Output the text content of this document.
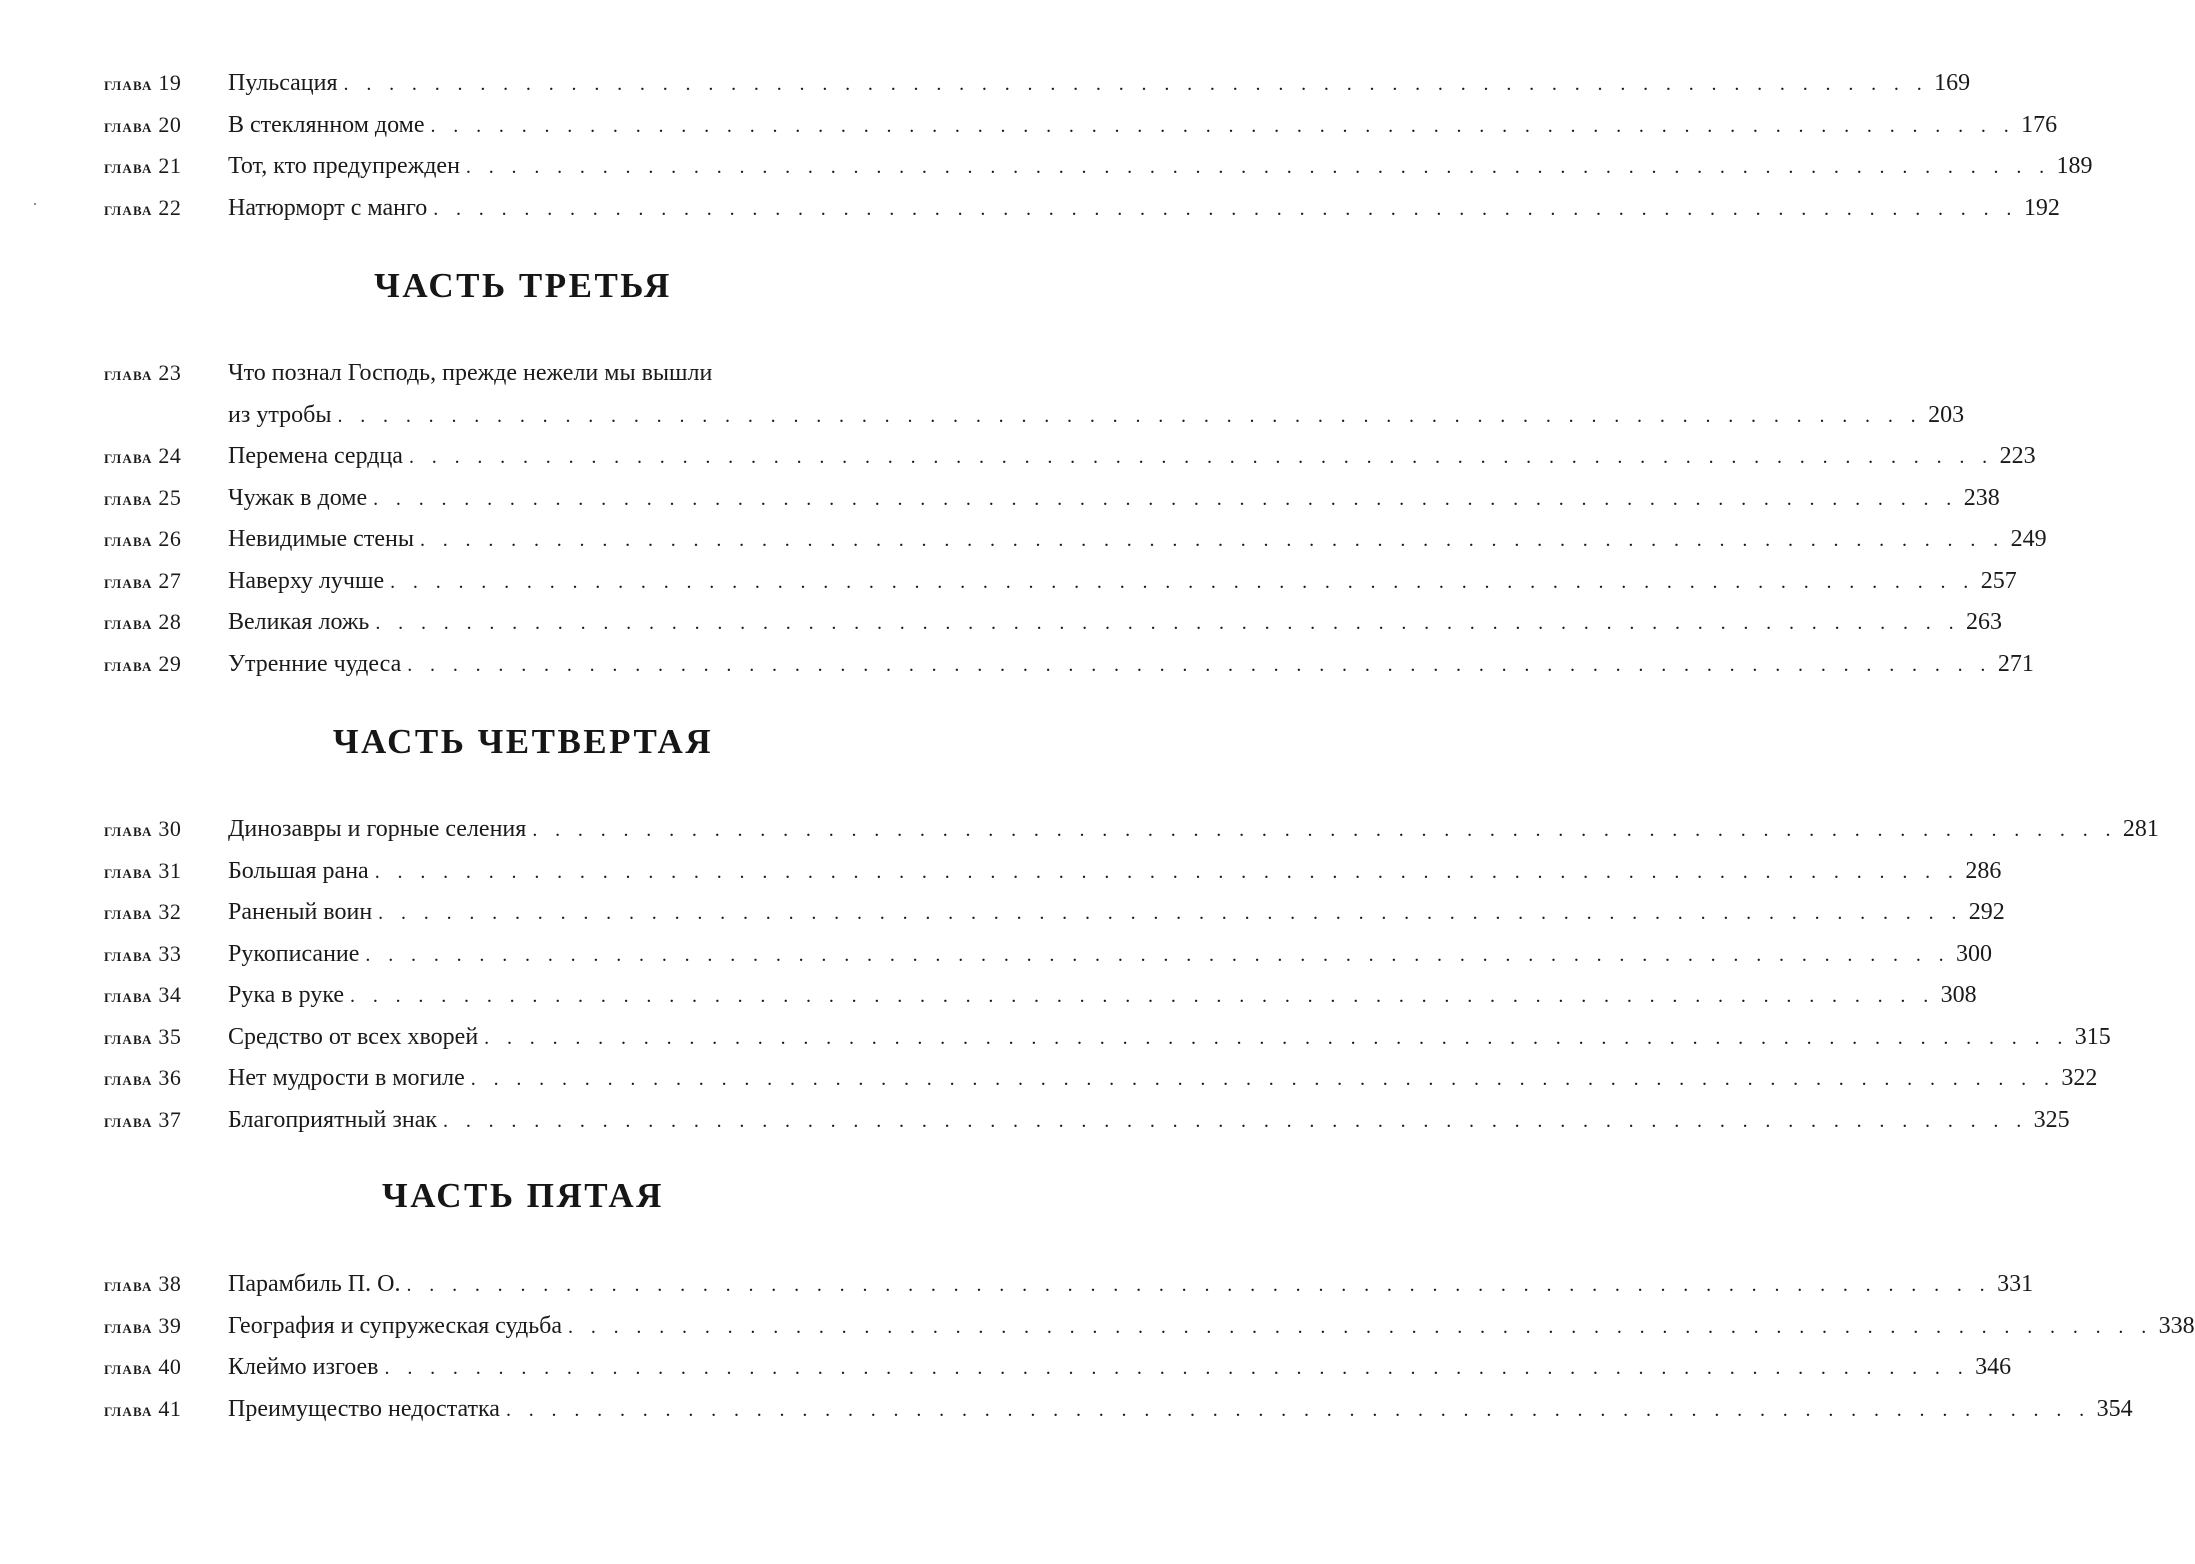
глава 19	Пульсация . . . . . . . . . . . . . . . . . . . . . . . . . . . . . . . . . . . . . . . . . . . . . . . . . . . . . . . . . . . . . . . . . . . . . . 169
глава 20	В стеклянном доме . . . . . . . . . . . . . . . . . . . . . . . . . . . . . . . . . . . . . . . . . . . . . . . . . . . . . . . . . . . . . . . . . . . . . . 176
глава 21	Тот, кто предупрежден . . . . . . . . . . . . . . . . . . . . . . . . . . . . . . . . . . . . . . . . . . . . . . . . . . . . . . . . . . . . . . . . . . . . . . 189
глава 22	Натюрморт с манго . . . . . . . . . . . . . . . . . . . . . . . . . . . . . . . . . . . . . . . . . . . . . . . . . . . . . . . . . . . . . . . . . . . . . . 192
ЧАСТЬ ТРЕТЬЯ
глава 23	Что познал Господь, прежде нежели мы вышли
из утробы . . . . . . . . . . . . . . . . . . . . . . . . . . . . . . . . . . . . . . . . . . . . . . . . . . . . . . . . . . . . . . . . . . . . . . 203
глава 24	Перемена сердца . . . . . . . . . . . . . . . . . . . . . . . . . . . . . . . . . . . . . . . . . . . . . . . . . . . . . . . . . . . . . . . . . . . . . . 223
глава 25	Чужак в доме . . . . . . . . . . . . . . . . . . . . . . . . . . . . . . . . . . . . . . . . . . . . . . . . . . . . . . . . . . . . . . . . . . . . . . 238
глава 26	Невидимые стены . . . . . . . . . . . . . . . . . . . . . . . . . . . . . . . . . . . . . . . . . . . . . . . . . . . . . . . . . . . . . . . . . . . . . . 249
глава 27	Наверху лучше . . . . . . . . . . . . . . . . . . . . . . . . . . . . . . . . . . . . . . . . . . . . . . . . . . . . . . . . . . . . . . . . . . . . . . 257
глава 28	Великая ложь . . . . . . . . . . . . . . . . . . . . . . . . . . . . . . . . . . . . . . . . . . . . . . . . . . . . . . . . . . . . . . . . . . . . . . 263
глава 29	Утренние чудеса . . . . . . . . . . . . . . . . . . . . . . . . . . . . . . . . . . . . . . . . . . . . . . . . . . . . . . . . . . . . . . . . . . . . . . 271
ЧАСТЬ ЧЕТВЕРТАЯ
глава 30	Динозавры и горные селения . . . . . . . . . . . . . . . . . . . . . . . . . . . . . . . . . . . . . . . . . . . . . . . . . . . . . . . . . . . . . . . . . . . . . . 281
глава 31	Большая рана . . . . . . . . . . . . . . . . . . . . . . . . . . . . . . . . . . . . . . . . . . . . . . . . . . . . . . . . . . . . . . . . . . . . . . 286
глава 32	Раненый воин . . . . . . . . . . . . . . . . . . . . . . . . . . . . . . . . . . . . . . . . . . . . . . . . . . . . . . . . . . . . . . . . . . . . . . 292
глава 33	Рукописание . . . . . . . . . . . . . . . . . . . . . . . . . . . . . . . . . . . . . . . . . . . . . . . . . . . . . . . . . . . . . . . . . . . . . . 300
глава 34	Рука в руке . . . . . . . . . . . . . . . . . . . . . . . . . . . . . . . . . . . . . . . . . . . . . . . . . . . . . . . . . . . . . . . . . . . . . . 308
глава 35	Средство от всех хворей . . . . . . . . . . . . . . . . . . . . . . . . . . . . . . . . . . . . . . . . . . . . . . . . . . . . . . . . . . . . . . . . . . . . . . 315
глава 36	Нет мудрости в могиле . . . . . . . . . . . . . . . . . . . . . . . . . . . . . . . . . . . . . . . . . . . . . . . . . . . . . . . . . . . . . . . . . . . . . . 322
глава 37	Благоприятный знак . . . . . . . . . . . . . . . . . . . . . . . . . . . . . . . . . . . . . . . . . . . . . . . . . . . . . . . . . . . . . . . . . . . . . . 325
ЧАСТЬ ПЯТАЯ
глава 38	Парамбиль П. О. . . . . . . . . . . . . . . . . . . . . . . . . . . . . . . . . . . . . . . . . . . . . . . . . . . . . . . . . . . . . . . . . . . . . . . 331
глава 39	География и супружеская судьба . . . . . . . . . . . . . . . . . . . . . . . . . . . . . . . . . . . . . . . . . . . . . . . . . . . . . . . . . . . . . . . . . . . . . . 338
глава 40	Клеймо изгоев . . . . . . . . . . . . . . . . . . . . . . . . . . . . . . . . . . . . . . . . . . . . . . . . . . . . . . . . . . . . . . . . . . . . . . 346
глава 41	Преимущество недостатка . . . . . . . . . . . . . . . . . . . . . . . . . . . . . . . . . . . . . . . . . . . . . . . . . . . . . . . . . . . . . . . . . . . . . . 354
